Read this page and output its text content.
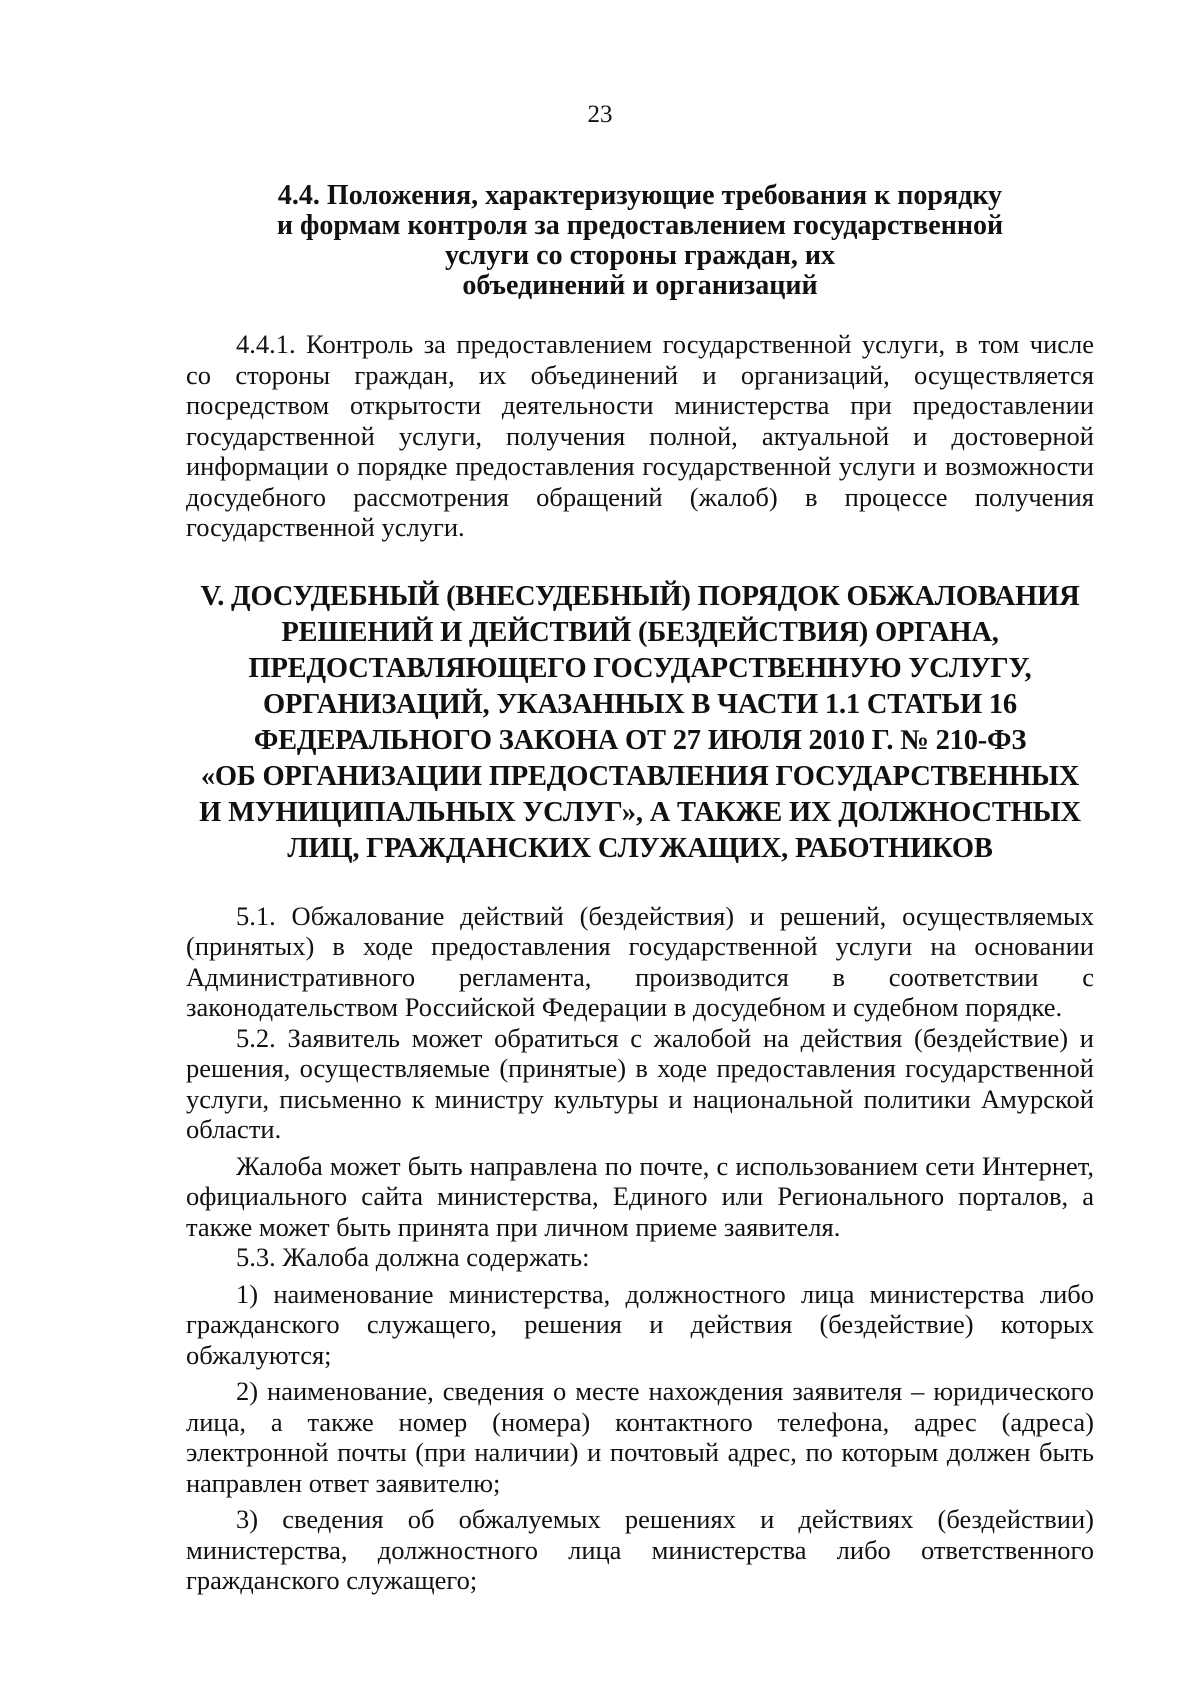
23
4.4. Положения, характеризующие требования к порядку
и формам контроля за предоставлением государственной
услуги со стороны граждан, их
объединений и организаций

4.4.1. Контроль за предоставлением государственной услуги, в том числе со стороны граждан, их объединений и организаций, осуществляется посредством открытости деятельности министерства при предоставлении государственной услуги, получения полной, актуальной и достоверной информации о порядке предоставления государственной услуги и возможности досудебного рассмотрения обращений (жалоб) в процессе получения государственной услуги.

V. ДОСУДЕБНЫЙ (ВНЕСУДЕБНЫЙ) ПОРЯДОК ОБЖАЛОВАНИЯ
РЕШЕНИЙ И ДЕЙСТВИЙ (БЕЗДЕЙСТВИЯ) ОРГАНА,
ПРЕДОСТАВЛЯЮЩЕГО ГОСУДАРСТВЕННУЮ УСЛУГУ,
ОРГАНИЗАЦИЙ, УКАЗАННЫХ В ЧАСТИ 1.1 СТАТЬИ 16
ФЕДЕРАЛЬНОГО ЗАКОНА ОТ 27 ИЮЛЯ 2010 Г. № 210-ФЗ
«ОБ ОРГАНИЗАЦИИ ПРЕДОСТАВЛЕНИЯ ГОСУДАРСТВЕННЫХ
И МУНИЦИПАЛЬНЫХ УСЛУГ», А ТАКЖЕ ИХ ДОЛЖНОСТНЫХ
ЛИЦ, ГРАЖДАНСКИХ СЛУЖАЩИХ, РАБОТНИКОВ

5.1. Обжалование действий (бездействия) и решений, осуществляемых (принятых) в ходе предоставления государственной услуги на основании Административного регламента, производится в соответствии с законодательством Российской Федерации в досудебном и судебном порядке.

5.2. Заявитель может обратиться с жалобой на действия (бездействие) и решения, осуществляемые (принятые) в ходе предоставления государственной услуги, письменно к министру культуры и национальной политики Амурской области.

Жалоба может быть направлена по почте, с использованием сети Интернет, официального сайта министерства, Единого или Регионального порталов, а также может быть принята при личном приеме заявителя.

5.3. Жалоба должна содержать:

1) наименование министерства, должностного лица министерства либо гражданского служащего, решения и действия (бездействие) которых обжалуются;

2) наименование, сведения о месте нахождения заявителя – юридического лица, а также номер (номера) контактного телефона, адрес (адреса) электронной почты (при наличии) и почтовый адрес, по которым должен быть направлен ответ заявителю;

3) сведения об обжалуемых решениях и действиях (бездействии) министерства, должностного лица министерства либо ответственного гражданского служащего;
